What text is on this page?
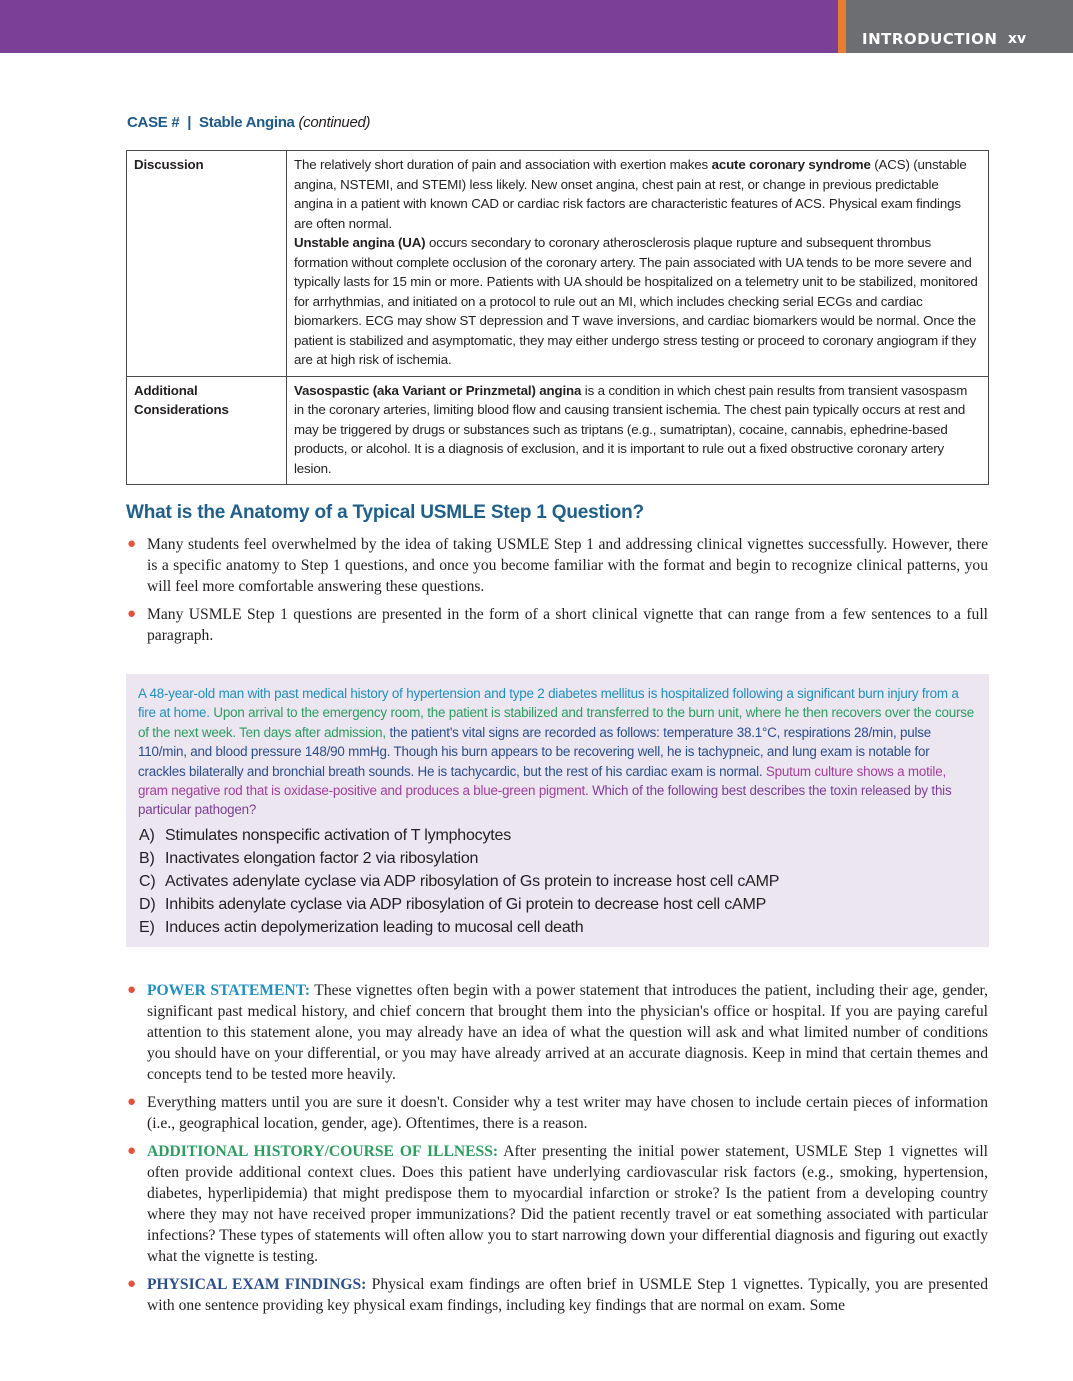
INTRODUCTION xv
CASE # | Stable Angina (continued)
Discussion	The relatively short duration of pain and association with exertion makes acute coronary syndrome (ACS) (unstable angina, NSTEMI, and STEMI) less likely. New onset angina, chest pain at rest, or change in previous predictable angina in a patient with known CAD or cardiac risk factors are characteristic features of ACS. Physical exam findings are often normal.

Unstable angina (UA) occurs secondary to coronary atherosclerosis plaque rupture and subsequent thrombus formation without complete occlusion of the coronary artery. The pain associated with UA tends to be more severe and typically lasts for 15 min or more. Patients with UA should be hospitalized on a telemetry unit to be stabilized, monitored for arrhythmias, and initiated on a protocol to rule out an MI, which includes checking serial ECGs and cardiac biomarkers. ECG may show ST depression and T wave inversions, and cardiac biomarkers would be normal. Once the patient is stabilized and asymptomatic, they may either undergo stress testing or proceed to coronary angiogram if they are at high risk of ischemia.

Additional Considerations	Vasospastic (aka Variant or Prinzmetal) angina is a condition in which chest pain results from transient vasospasm in the coronary arteries, limiting blood flow and causing transient ischemia. The chest pain typically occurs at rest and may be triggered by drugs or substances such as triptans (e.g., sumatriptan), cocaine, cannabis, ephedrine-based products, or alcohol. It is a diagnosis of exclusion, and it is important to rule out a fixed obstructive coronary artery lesion.

What is the Anatomy of a Typical USMLE Step 1 Question?
● Many students feel overwhelmed by the idea of taking USMLE Step 1 and addressing clinical vignettes successfully. However, there is a specific anatomy to Step 1 questions, and once you become familiar with the format and begin to recognize clinical patterns, you will feel more comfortable answering these questions.
● Many USMLE Step 1 questions are presented in the form of a short clinical vignette that can range from a few sentences to a full paragraph.

A 48-year-old man with past medical history of hypertension and type 2 diabetes mellitus is hospitalized following a significant burn injury from a fire at home. Upon arrival to the emergency room, the patient is stabilized and transferred to the burn unit, where he then recovers over the course of the next week. Ten days after admission, the patient's vital signs are recorded as follows: temperature 38.1°C, respirations 28/min, pulse 110/min, and blood pressure 148/90 mmHg. Though his burn appears to be recovering well, he is tachypneic, and lung exam is notable for crackles bilaterally and bronchial breath sounds. He is tachycardic, but the rest of his cardiac exam is normal. Sputum culture shows a motile, gram negative rod that is oxidase-positive and produces a blue-green pigment. Which of the following best describes the toxin released by this particular pathogen?

A) Stimulates nonspecific activation of T lymphocytes
B) Inactivates elongation factor 2 via ribosylation
C) Activates adenylate cyclase via ADP ribosylation of Gs protein to increase host cell cAMP
D) Inhibits adenylate cyclase via ADP ribosylation of Gi protein to decrease host cell cAMP
E) Induces actin depolymerization leading to mucosal cell death
● POWER STATEMENT: These vignettes often begin with a power statement that introduces the patient, including their age, gender, significant past medical history, and chief concern that brought them into the physician's office or hospital. If you are paying careful attention to this statement alone, you may already have an idea of what the question will ask and what limited number of conditions you should have on your differential, or you may have already arrived at an accurate diagnosis. Keep in mind that certain themes and concepts tend to be tested more heavily.
● Everything matters until you are sure it doesn't. Consider why a test writer may have chosen to include certain pieces of information (i.e., geographical location, gender, age). Oftentimes, there is a reason.
● ADDITIONAL HISTORY/COURSE OF ILLNESS: After presenting the initial power statement, USMLE Step 1 vignettes will often provide additional context clues. Does this patient have underlying cardiovascular risk factors (e.g., smoking, hypertension, diabetes, hyperlipidemia) that might predispose them to myocardial infarction or stroke? Is the patient from a developing country where they may not have received proper immunizations? Did the patient recently travel or eat something associated with particular infections? These types of statements will often allow you to start narrowing down your differential diagnosis and figuring out exactly what the vignette is testing.
● PHYSICAL EXAM FINDINGS: Physical exam findings are often brief in USMLE Step 1 vignettes. Typically, you are presented with one sentence providing key physical exam findings, including key findings that are normal on exam. Some
